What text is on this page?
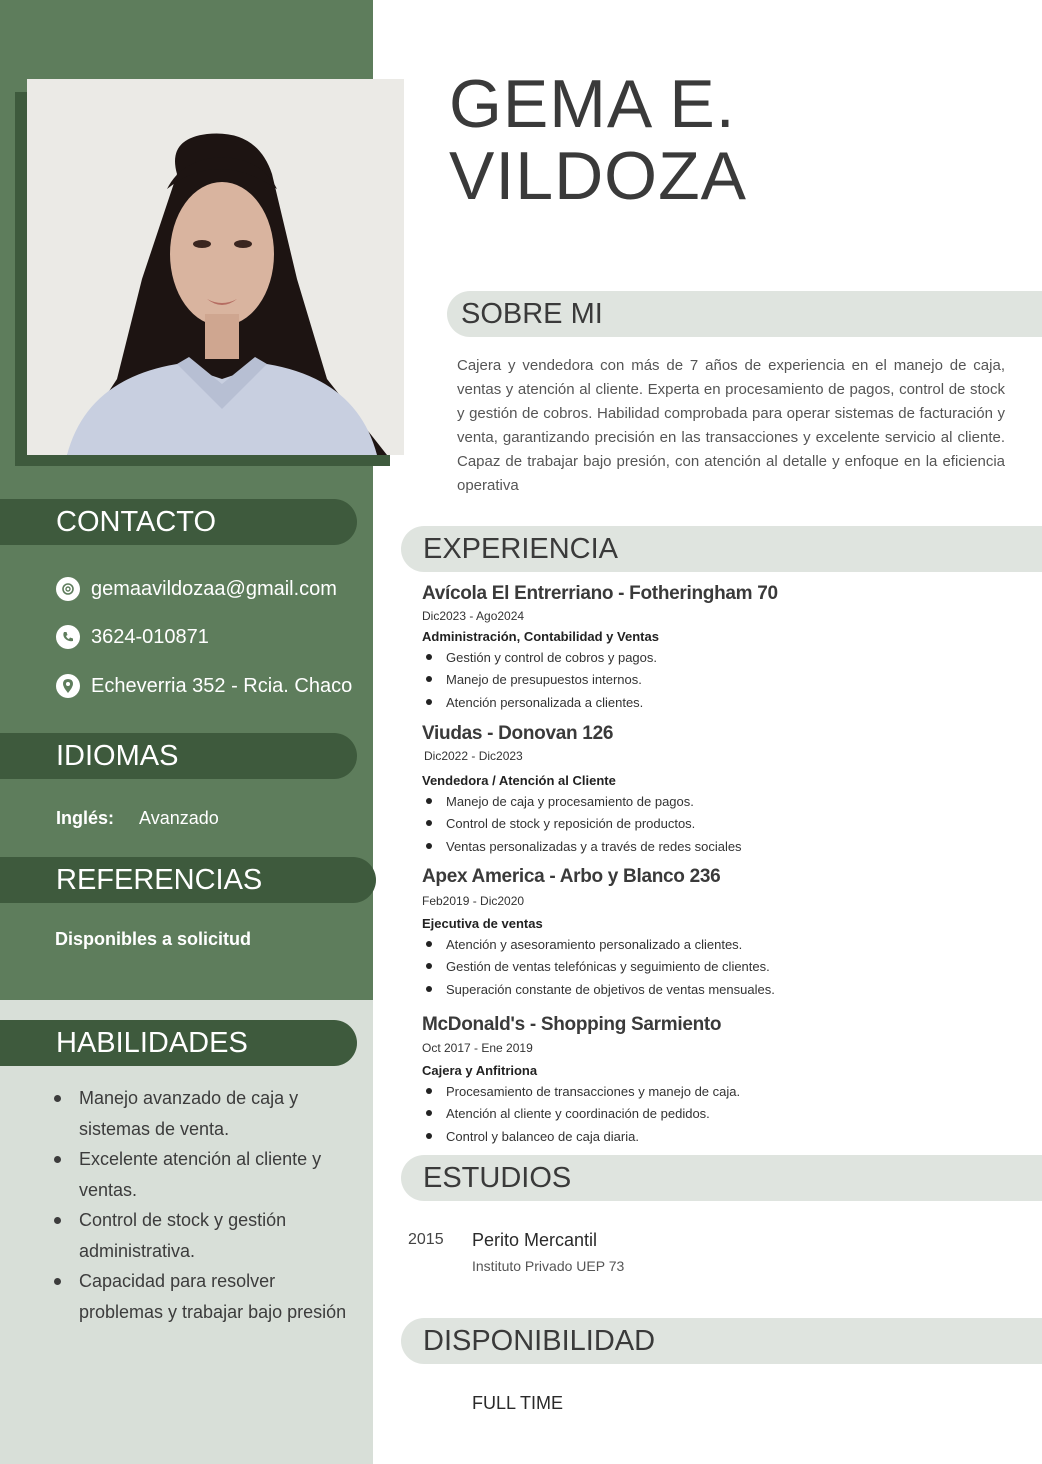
CONTACTO
gemaavildozaa@gmail.com
3624-010871
Echeverria 352 - Rcia. Chaco
IDIOMAS
Inglés: Avanzado
REFERENCIAS
Disponibles a solicitud
HABILIDADES
Manejo avanzado de caja y sistemas de venta.
Excelente atención al cliente y ventas.
Control de stock y gestión administrativa.
Capacidad para resolver problemas y trabajar bajo presión
GEMA E.
VILDOZA
SOBRE MI

Cajera y vendedora con más de 7 años de experiencia en el manejo de caja, ventas y atención al cliente. Experta en procesamiento de pagos, control de stock y gestión de cobros. Habilidad comprobada para operar sistemas de facturación y venta, garantizando precisión en las transacciones y excelente servicio al cliente. Capaz de trabajar bajo presión, con atención al detalle y enfoque en la eficiencia operativa

EXPERIENCIA
Avícola El Entrerriano - Fotheringham 70
Dic2023 - Ago2024
Administración, Contabilidad y Ventas
Gestión y control de cobros y pagos.
Manejo de presupuestos internos.
Atención personalizada a clientes.
Viudas - Donovan 126
Dic2022 - Dic2023
Vendedora / Atención al Cliente
Manejo de caja y procesamiento de pagos.
Control de stock y reposición de productos.
Ventas personalizadas y a través de redes sociales
Apex America - Arbo y Blanco 236
Feb2019 - Dic2020
Ejecutiva de ventas
Atención y asesoramiento personalizado a clientes.
Gestión de ventas telefónicas y seguimiento de clientes.
Superación constante de objetivos de ventas mensuales.
McDonald's - Shopping Sarmiento
Oct 2017 - Ene 2019
Cajera y Anfitriona
Procesamiento de transacciones y manejo de caja.
Atención al cliente y coordinación de pedidos.
Control y balanceo de caja diaria.
ESTUDIOS
2015 Perito Mercantil
Instituto Privado UEP 73
DISPONIBILIDAD
FULL TIME
